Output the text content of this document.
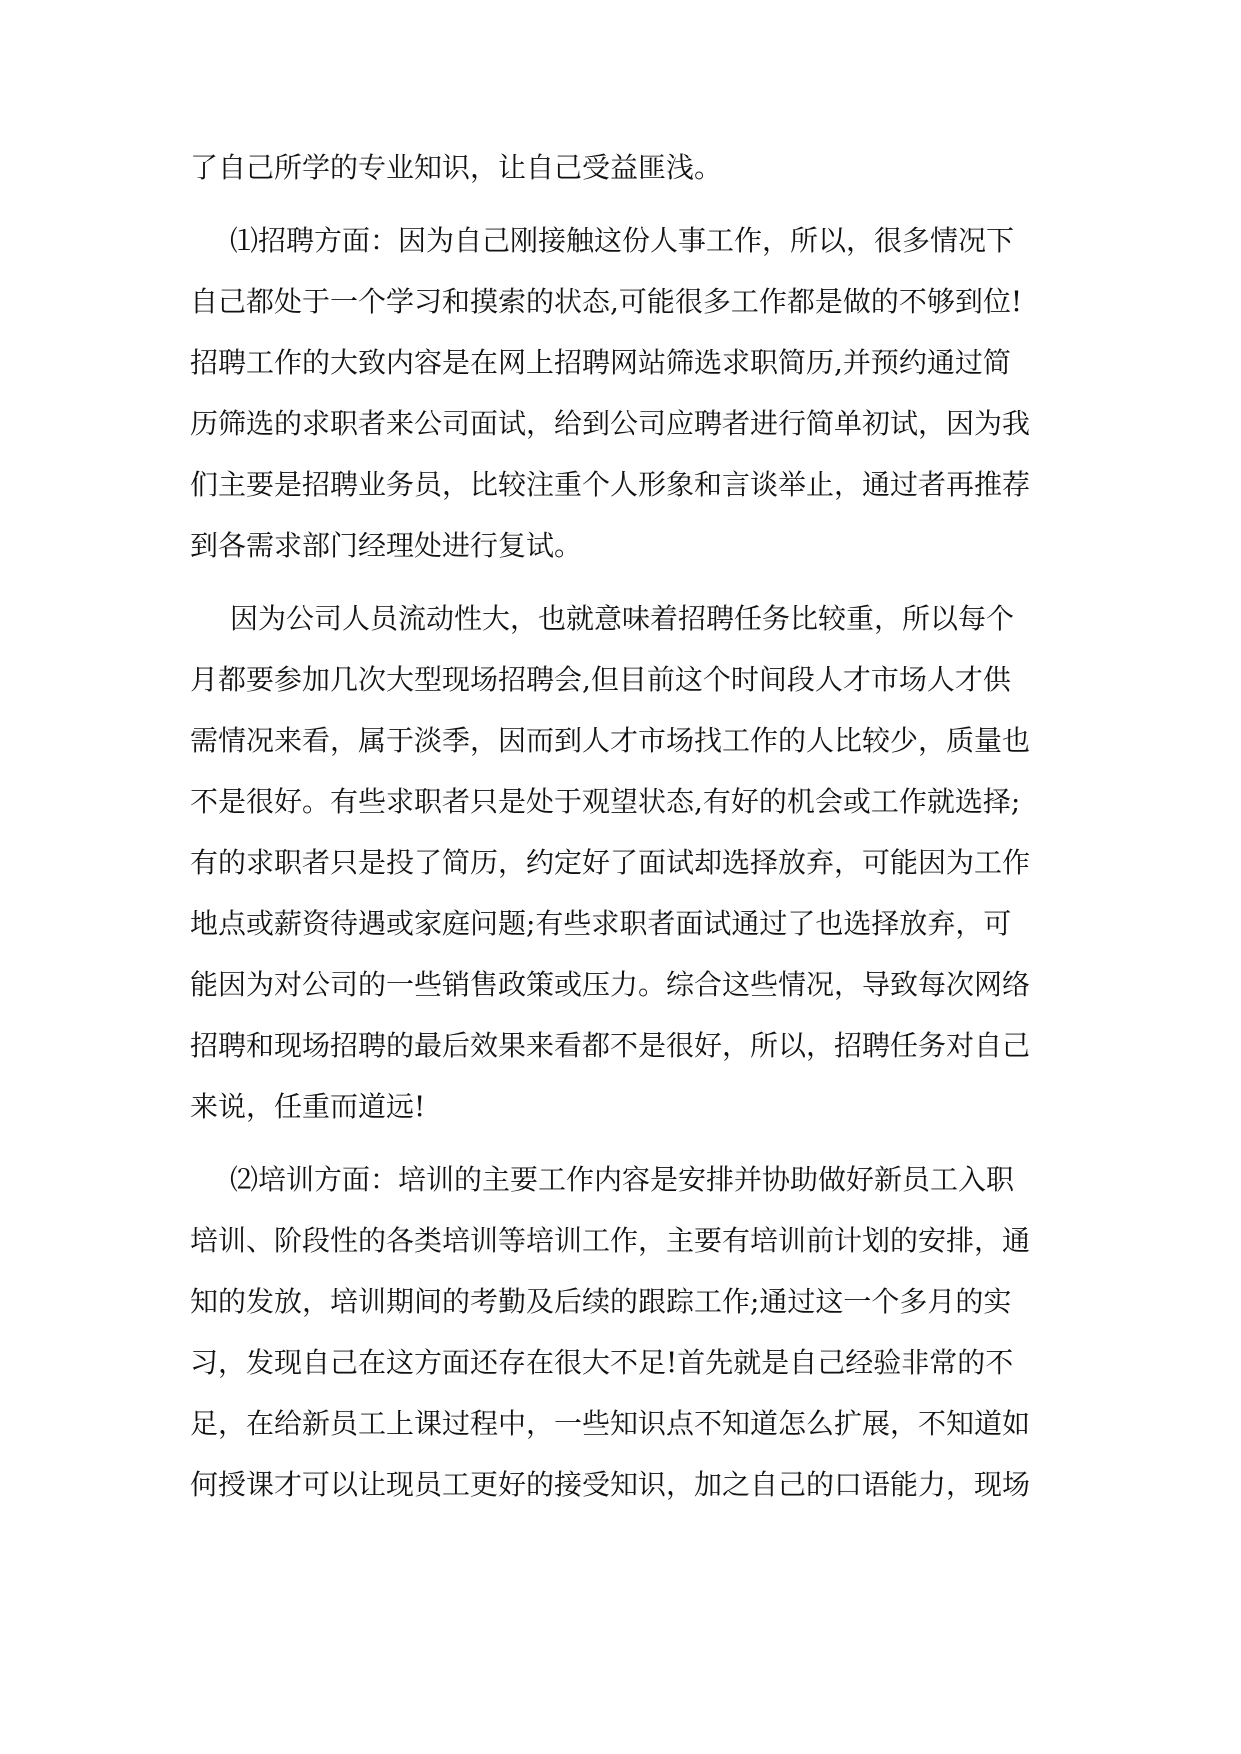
了自己所学的专业知识，让自己受益匪浅。

⑴招聘方面：因为自己刚接触这份人事工作，所以，很多情况下
自己都处于一个学习和摸索的状态,可能很多工作都是做的不够到位!
招聘工作的大致内容是在网上招聘网站筛选求职简历,并预约通过简
历筛选的求职者来公司面试，给到公司应聘者进行简单初试，因为我
们主要是招聘业务员，比较注重个人形象和言谈举止，通过者再推荐
到各需求部门经理处进行复试。

因为公司人员流动性大，也就意味着招聘任务比较重，所以每个
月都要参加几次大型现场招聘会,但目前这个时间段人才市场人才供
需情况来看，属于淡季，因而到人才市场找工作的人比较少，质量也
不是很好。有些求职者只是处于观望状态,有好的机会或工作就选择;
有的求职者只是投了简历，约定好了面试却选择放弃，可能因为工作
地点或薪资待遇或家庭问题;有些求职者面试通过了也选择放弃，可
能因为对公司的一些销售政策或压力。综合这些情况，导致每次网络
招聘和现场招聘的最后效果来看都不是很好，所以，招聘任务对自己
来说，任重而道远!

⑵培训方面：培训的主要工作内容是安排并协助做好新员工入职
培训、阶段性的各类培训等培训工作，主要有培训前计划的安排，通
知的发放，培训期间的考勤及后续的跟踪工作;通过这一个多月的实
习，发现自己在这方面还存在很大不足!首先就是自己经验非常的不
足，在给新员工上课过程中，一些知识点不知道怎么扩展，不知道如
何授课才可以让现员工更好的接受知识，加之自己的口语能力，现场
